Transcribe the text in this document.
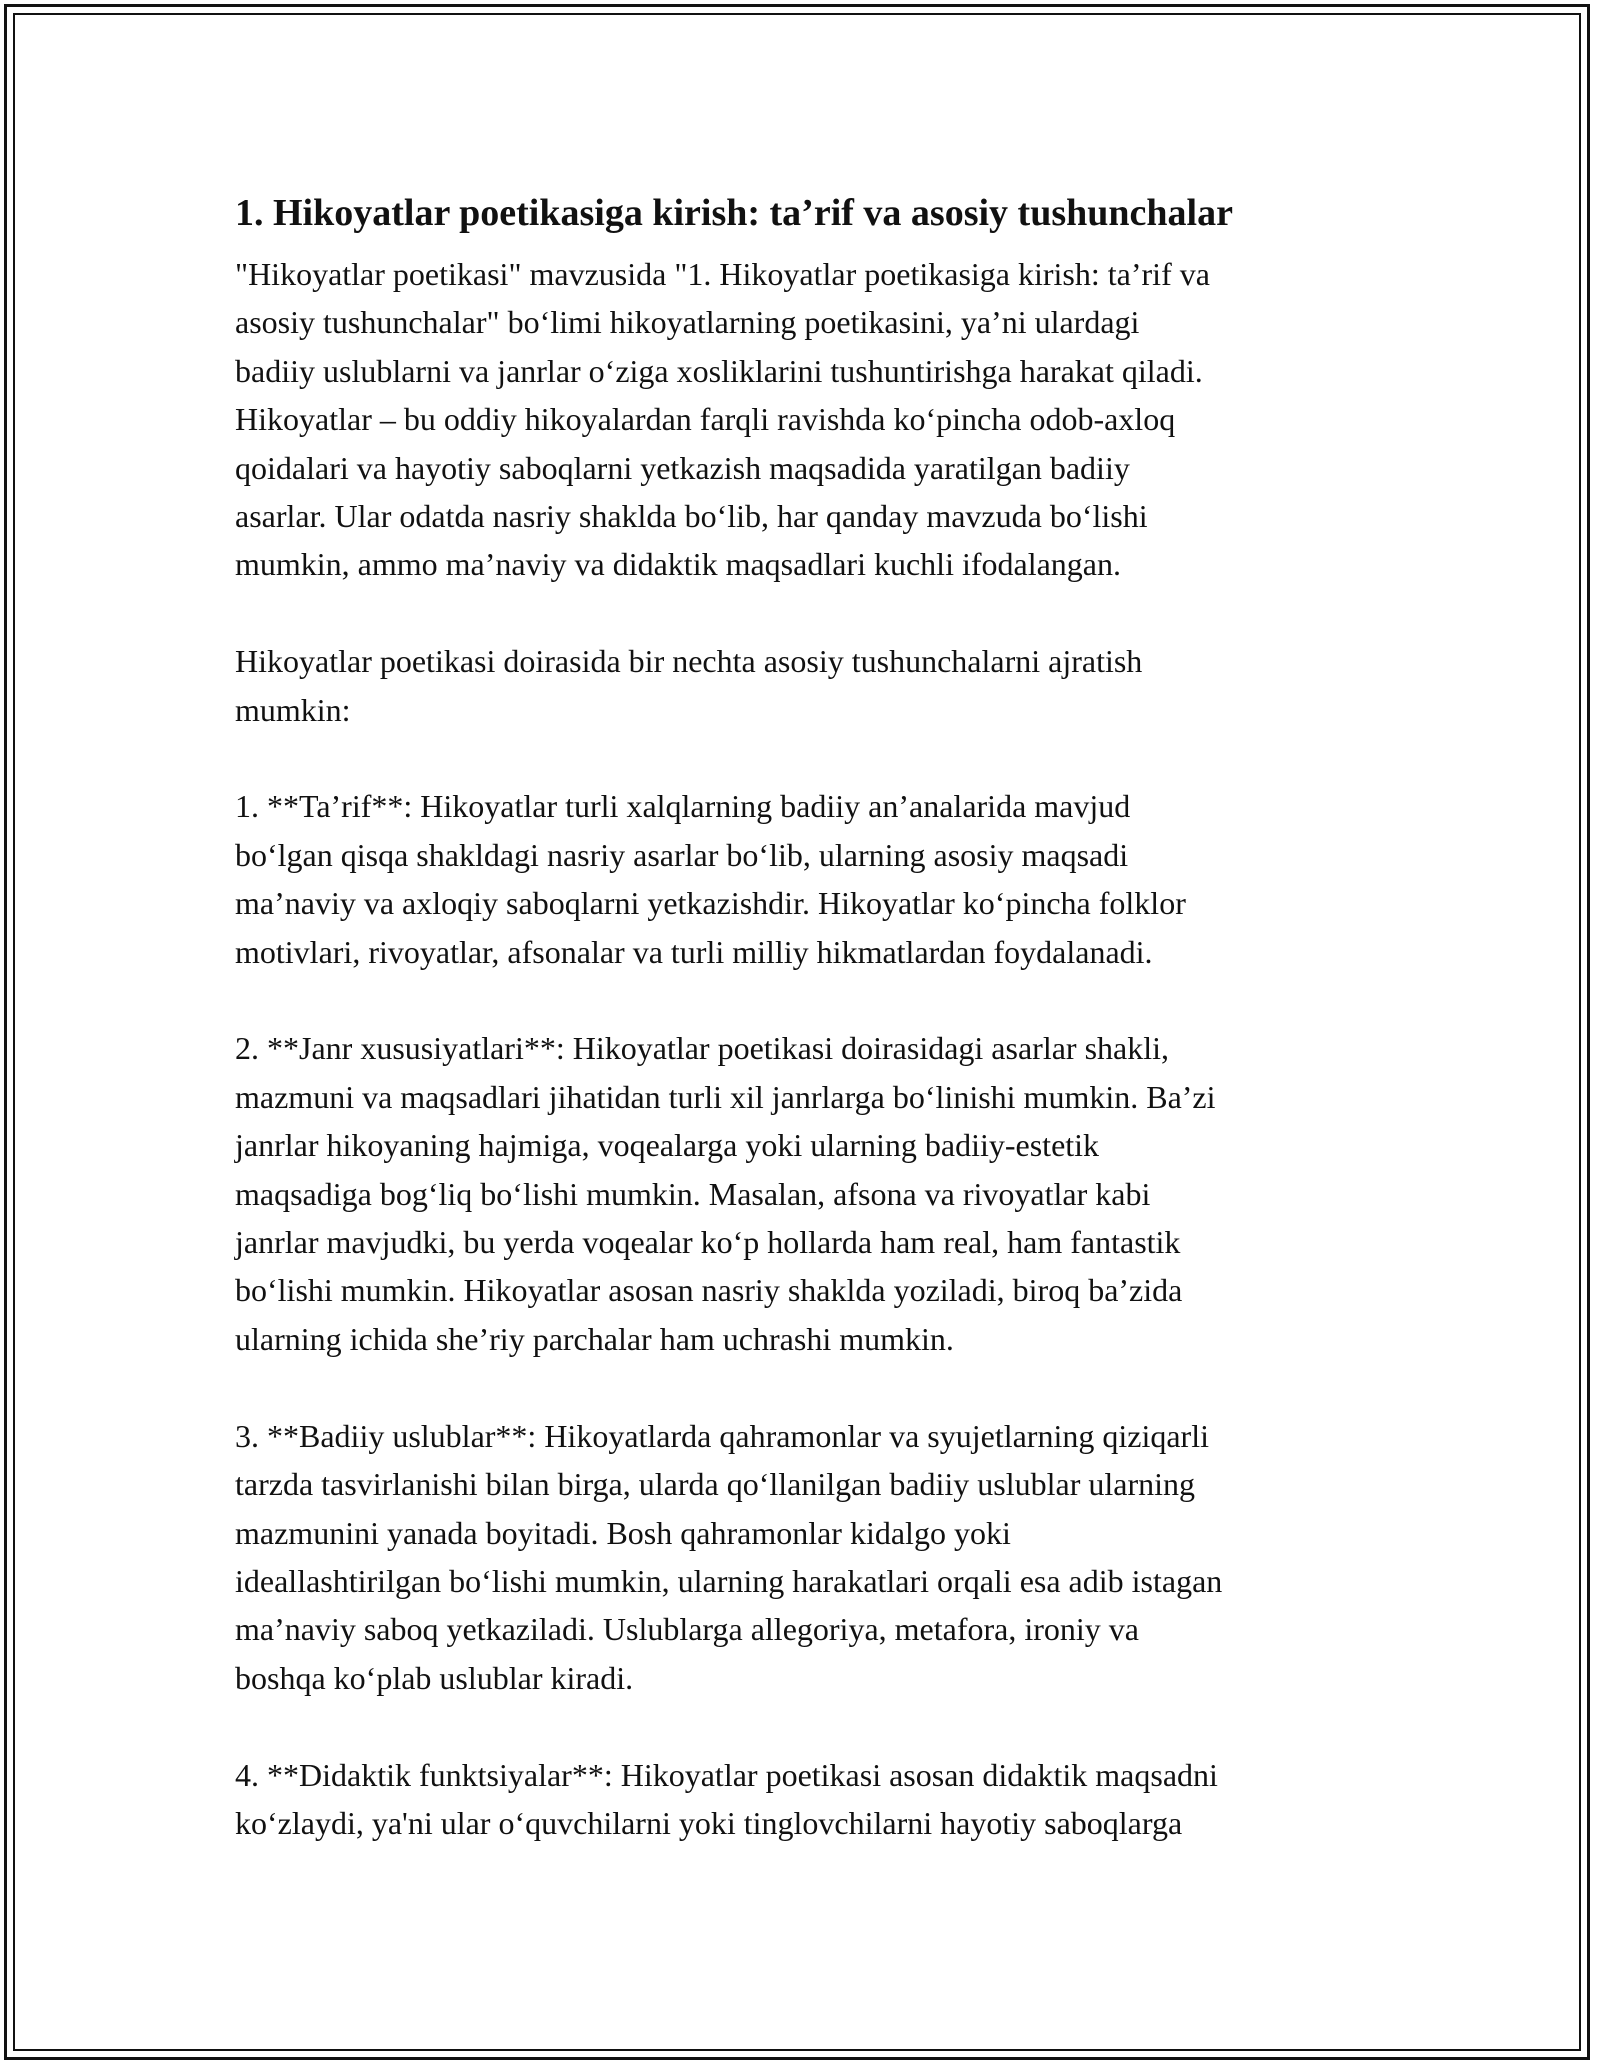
1. Hikoyatlar poetikasiga kirish: ta’rif va asosiy tushunchalar

"Hikoyatlar poetikasi" mavzusida "1. Hikoyatlar poetikasiga kirish: ta’rif va
asosiy tushunchalar" bo‘limi hikoyatlarning poetikasini, ya’ni ulardagi
badiiy uslublarni va janrlar o‘ziga xosliklarini tushuntirishga harakat qiladi.
Hikoyatlar – bu oddiy hikoyalardan farqli ravishda ko‘pincha odob-axloq
qoidalari va hayotiy saboqlarni yetkazish maqsadida yaratilgan badiiy
asarlar. Ular odatda nasriy shaklda bo‘lib, har qanday mavzuda bo‘lishi
mumkin, ammo ma’naviy va didaktik maqsadlari kuchli ifodalangan.

Hikoyatlar poetikasi doirasida bir nechta asosiy tushunchalarni ajratish
mumkin:

1. **Ta’rif**: Hikoyatlar turli xalqlarning badiiy an’analarida mavjud
bo‘lgan qisqa shakldagi nasriy asarlar bo‘lib, ularning asosiy maqsadi
ma’naviy va axloqiy saboqlarni yetkazishdir. Hikoyatlar ko‘pincha folklor
motivlari, rivoyatlar, afsonalar va turli milliy hikmatlardan foydalanadi.

2. **Janr xususiyatlari**: Hikoyatlar poetikasi doirasidagi asarlar shakli,
mazmuni va maqsadlari jihatidan turli xil janrlarga bo‘linishi mumkin. Ba’zi
janrlar hikoyaning hajmiga, voqealarga yoki ularning badiiy-estetik
maqsadiga bog‘liq bo‘lishi mumkin. Masalan, afsona va rivoyatlar kabi
janrlar mavjudki, bu yerda voqealar ko‘p hollarda ham real, ham fantastik
bo‘lishi mumkin. Hikoyatlar asosan nasriy shaklda yoziladi, biroq ba’zida
ularning ichida she’riy parchalar ham uchrashi mumkin.

3. **Badiiy uslublar**: Hikoyatlarda qahramonlar va syujetlarning qiziqarli
tarzda tasvirlanishi bilan birga, ularda qo‘llanilgan badiiy uslublar ularning
mazmunini yanada boyitadi. Bosh qahramonlar kidalgo yoki
ideallashtirilgan bo‘lishi mumkin, ularning harakatlari orqali esa adib istagan
ma’naviy saboq yetkaziladi. Uslublarga allegoriya, metafora, ironiy va
boshqa ko‘plab uslublar kiradi.

4. **Didaktik funktsiyalar**: Hikoyatlar poetikasi asosan didaktik maqsadni
ko‘zlaydi, ya'ni ular o‘quvchilarni yoki tinglovchilarni hayotiy saboqlarga
